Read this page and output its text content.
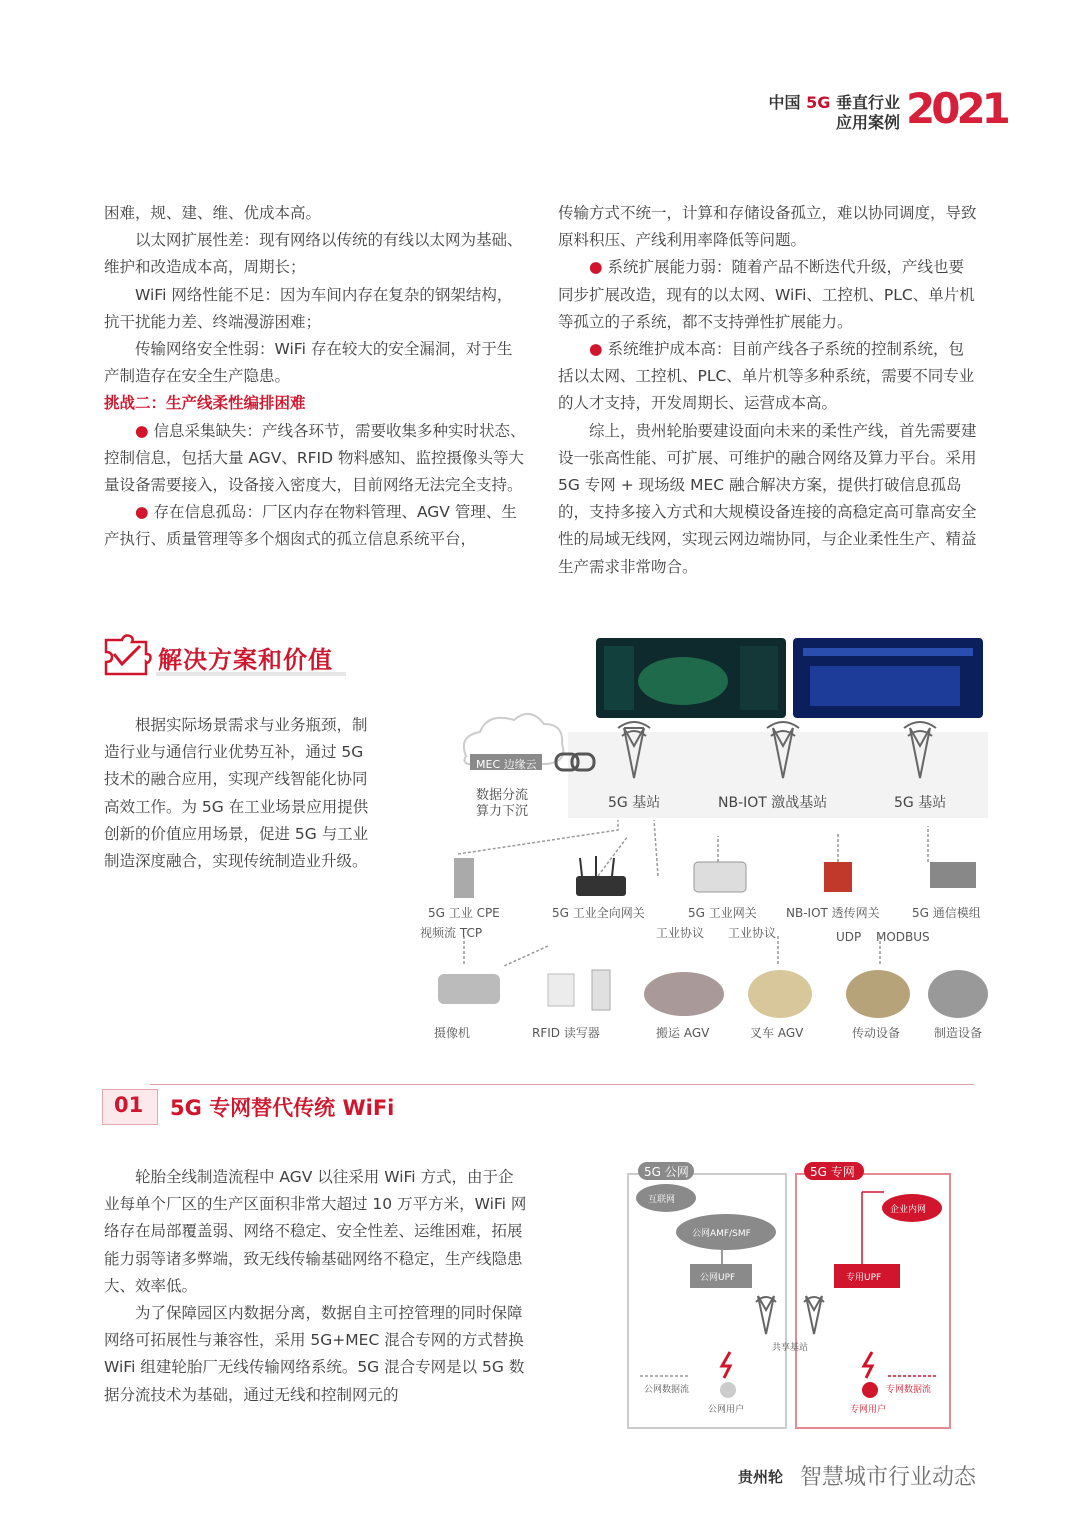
中国 5G 垂直行业
应用案例 2021

困难，规、建、维、优成本高。

以太网扩展性差：现有网络以传统的有线以太网为基础、维护和改造成本高，周期长；

WiFi 网络性能不足：因为车间内存在复杂的钢架结构，抗干扰能力差、终端漫游困难；

传输网络安全性弱：WiFi 存在较大的安全漏洞，对于生产制造存在安全生产隐患。

挑战二：生产线柔性编排困难

● 信息采集缺失：产线各环节，需要收集多种实时状态、控制信息，包括大量 AGV、RFID 物料感知、监控摄像头等大量设备需要接入，设备接入密度大，目前网络无法完全支持。

● 存在信息孤岛：厂区内存在物料管理、AGV 管理、生产执行、质量管理等多个烟囱式的孤立信息系统平台，

传输方式不统一，计算和存储设备孤立，难以协同调度，导致原料积压、产线利用率降低等问题。

● 系统扩展能力弱：随着产品不断迭代升级，产线也要同步扩展改造，现有的以太网、WiFi、工控机、PLC、单片机等孤立的子系统，都不支持弹性扩展能力。

● 系统维护成本高：目前产线各子系统的控制系统，包括以太网、工控机、PLC、单片机等多种系统，需要不同专业的人才支持，开发周期长、运营成本高。

综上，贵州轮胎要建设面向未来的柔性产线，首先需要建设一张高性能、可扩展、可维护的融合网络及算力平台。采用 5G 专网 + 现场级 MEC 融合解决方案，提供打破信息孤岛的，支持多接入方式和大规模设备连接的高稳定高可靠高安全性的局域无线网，实现云网边端协同，与企业柔性生产、精益生产需求非常吻合。

解决方案和价值

根据实际场景需求与业务瓶颈，制造行业与通信行业优势互补，通过 5G 技术的融合应用，实现产线智能化协同高效工作。为 5G 在工业场景应用提供创新的价值应用场景，促进 5G 与工业制造深度融合，实现传统制造业升级。

MEC 边缘云
数据分流
算力下沉
5G 基站	NB-IOT 激战基站	5G 基站
5G 工业 CPE	5G 工业全向网关	5G 工业网关 NB-IOT 透传网关	5G 通信模组
视频流 TCP	工业协议 工业协议	UDP MODBUS
摄像机	RFID 读写器	搬运 AGV	叉车 AGV	传动设备	制造设备
01 5G 专网替代传统 WiFi

轮胎全线制造流程中 AGV 以往采用 WiFi 方式，由于企业每单个厂区的生产区面积非常大超过 10 万平方米，WiFi 网络存在局部覆盖弱、网络不稳定、安全性差、运维困难，拓展能力弱等诸多弊端，致无线传输基础网络不稳定，生产线隐患大、效率低。

为了保障园区内数据分离，数据自主可控管理的同时保障网络可拓展性与兼容性，采用 5G+MEC 混合专网的方式替换 WiFi 组建轮胎厂无线传输网络系统。5G 混合专网是以 5G 数据分流技术为基础，通过无线和控制网元的

5G 公网	5G 专网
互联网
企业内网
公网AMF/SMF
公网UPF	专用UPF
共享基站
公网数据流	专网数据流
公网用户	专网用户
贵州轮 智慧城市行业动态
